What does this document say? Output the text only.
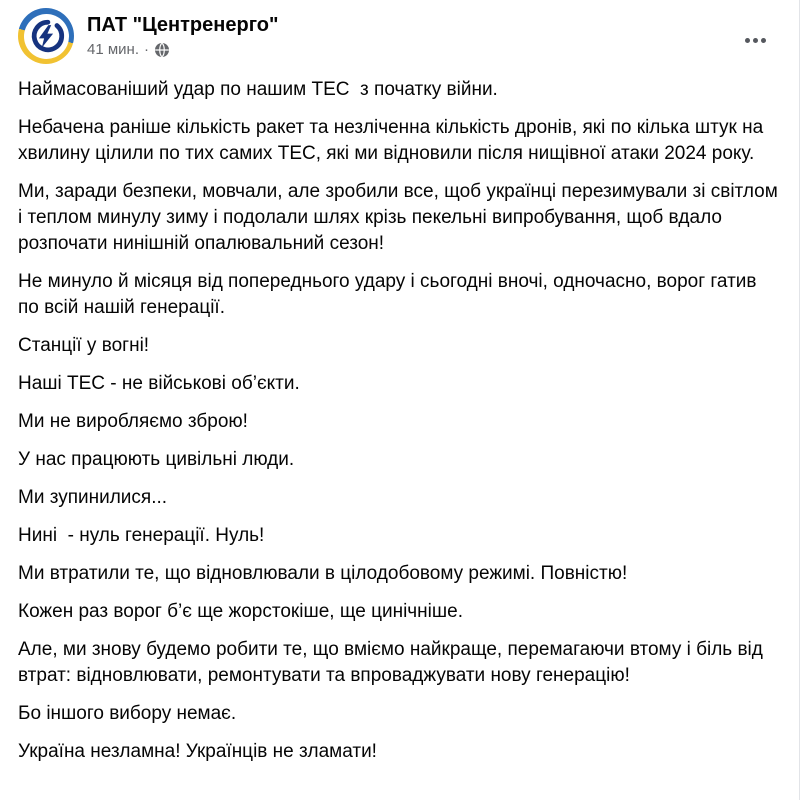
ПАТ "Центренерго"
41 мин. ·

Наймасованіший удар по нашим ТЕС  з початку війни.

Небачена раніше кількість ракет та незліченна кількість дронів, які по кілька штук на хвилину цілили по тих самих ТЕС, які ми відновили після нищівної атаки 2024 року.

Ми, заради безпеки, мовчали, але зробили все, щоб українці перезимували зі світлом і теплом минулу зиму і подолали шлях крізь пекельні випробування, щоб вдало розпочати нинішній опалювальний сезон!

Не минуло й місяця від попереднього удару і сьогодні вночі, одночасно, ворог гатив по всій нашій генерації.

Станції у вогні!

Наші ТЕС - не військові об’єкти.

Ми не виробляємо зброю!

У нас працюють цивільні люди.

Ми зупинилися...

Нині  - нуль генерації. Нуль!

Ми втратили те, що відновлювали в цілодобовому режимі. Повністю!

Кожен раз ворог б’є ще жорстокіше, ще цинічніше.

Але, ми знову будемо робити те, що вміємо найкраще, перемагаючи втому і біль від втрат: відновлювати, ремонтувати та впроваджувати нову генерацію!

Бо іншого вибору немає.

Україна незламна! Українців не зламати!
